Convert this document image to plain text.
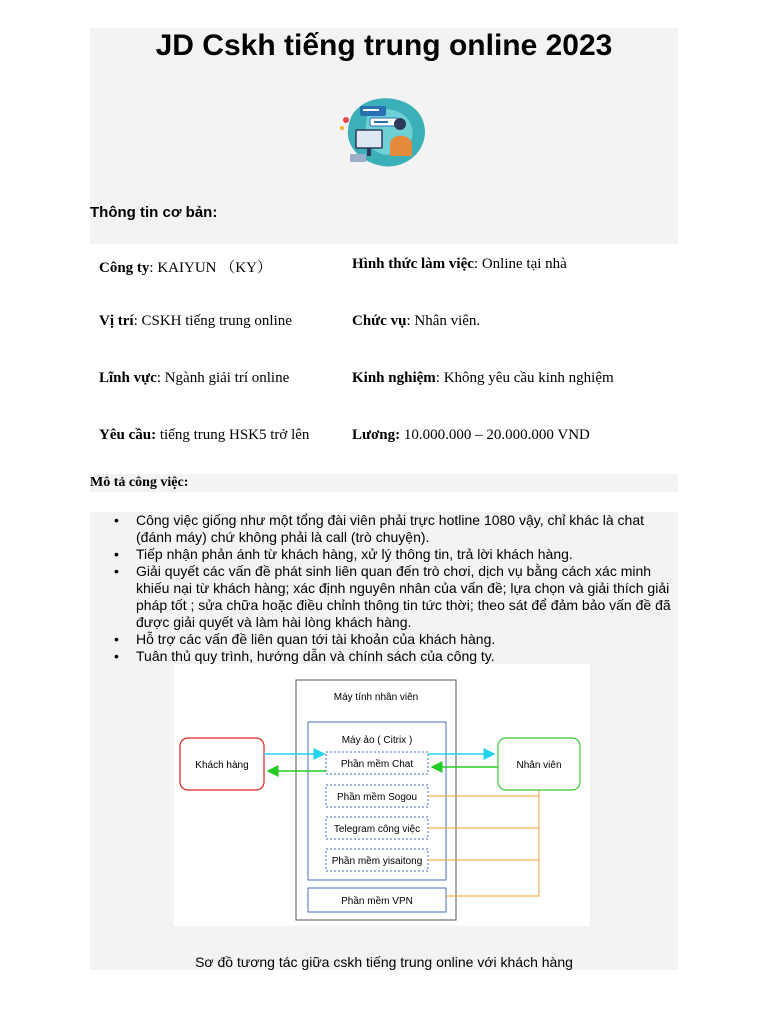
JD Cskh tiếng trung online 2023
Thông tin cơ bản:
Công ty: KAIYUN （KY）	Hình thức làm việc: Online tại nhà
Vị trí: CSKH tiếng trung online	Chức vụ: Nhân viên.
Lĩnh vực: Ngành giải trí online	Kinh nghiệm: Không yêu cầu kinh nghiệm
Yêu cầu: tiếng trung HSK5 trở lên	Lương: 10.000.000 – 20.000.000 VND
Mô tả công việc:
• Công việc giống như một tổng đài viên phải trực hotline 1080 vậy, chỉ khác là chat (đánh máy) chứ không phải là call (trò chuyện).
• Tiếp nhận phản ánh từ khách hàng, xử lý thông tin, trả lời khách hàng.
• Giải quyết các vấn đề phát sinh liên quan đến trò chơi, dịch vụ bằng cách xác minh khiếu nại từ khách hàng; xác định nguyên nhân của vấn đề; lựa chọn và giải thích giải pháp tốt ; sửa chữa hoặc điều chỉnh thông tin tức thời; theo sát để đảm bảo vấn đề đã được giải quyết và làm hài lòng khách hàng.
• Hỗ trợ các vấn đề liên quan tới tài khoản của khách hàng.
• Tuân thủ quy trình, hướng dẫn và chính sách của công ty.
Máy tính nhân viên
Máy ảo ( Citrix )
Phần mềm Chat
Phần mềm Sogou
Telegram công việc
Phần mềm yisaitong
Phần mềm VPN
Khách hàng	Nhân viên
Sơ đồ tương tác giữa cskh tiếng trung online với khách hàng
